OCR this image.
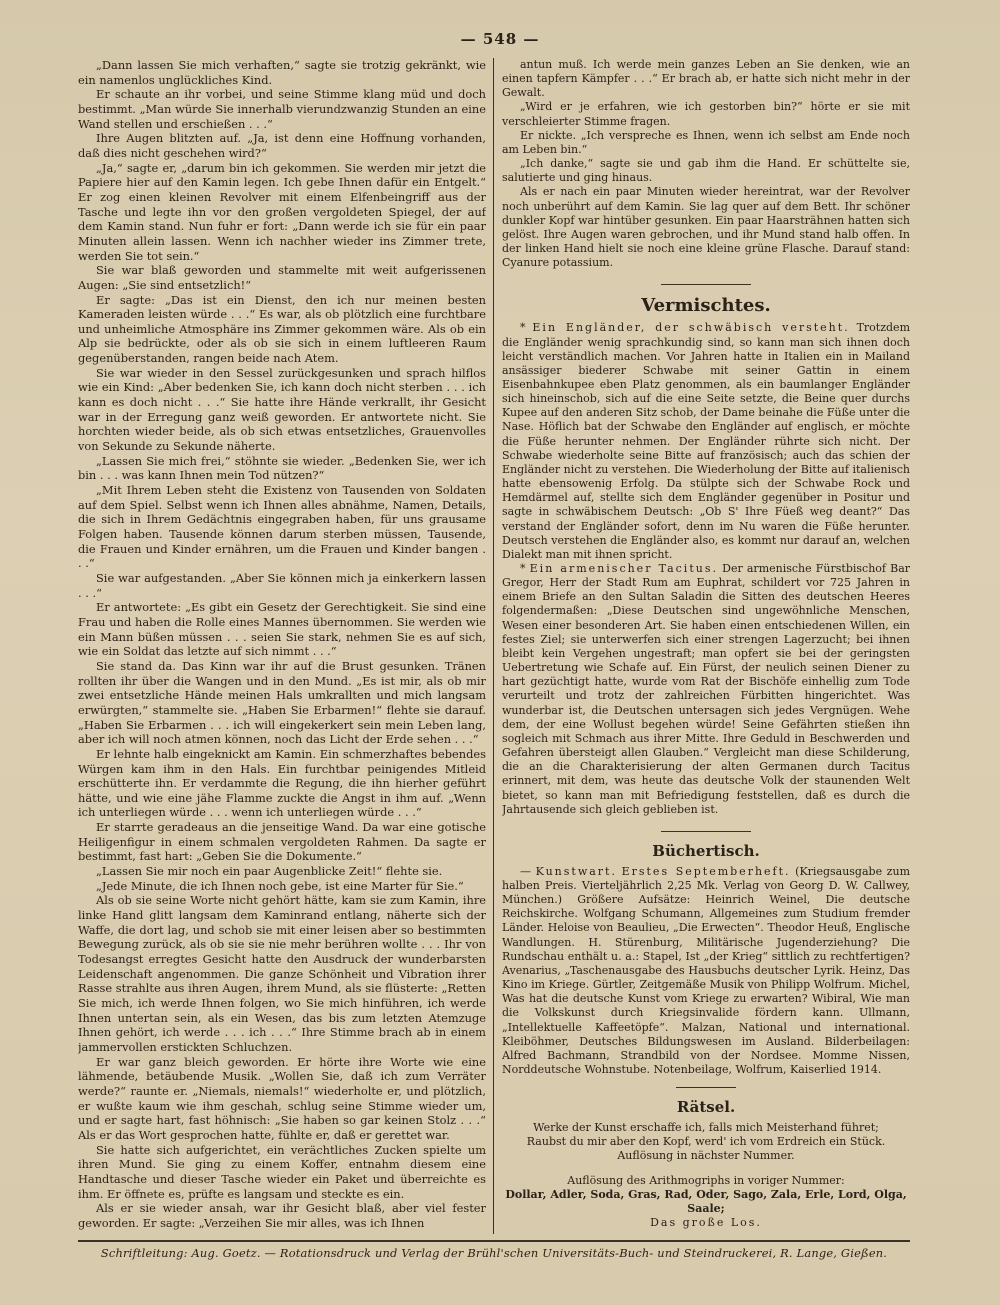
— 548 —

„Dann lassen Sie mich verhaften,“ sagte sie trotzig gekränkt, wie ein namenlos unglückliches Kind.

Er schaute an ihr vorbei, und seine Stimme klang müd und doch bestimmt. „Man würde Sie innerhalb vierundzwanzig Stunden an eine Wand stellen und erschießen . . .“

Ihre Augen blitzten auf. „Ja, ist denn eine Hoffnung vorhanden, daß dies nicht geschehen wird?“

„Ja,“ sagte er, „darum bin ich gekommen. Sie werden mir jetzt die Papiere hier auf den Kamin legen. Ich gebe Ihnen dafür ein Entgelt.“ Er zog einen kleinen Revolver mit einem Elfenbeingriff aus der Tasche und legte ihn vor den großen vergoldeten Spiegel, der auf dem Kamin stand. Nun fuhr er fort: „Dann werde ich sie für ein paar Minuten allein lassen. Wenn ich nachher wieder ins Zimmer trete, werden Sie tot sein.“

Sie war blaß geworden und stammelte mit weit aufgerissenen Augen: „Sie sind entsetzlich!“

Er sagte: „Das ist ein Dienst, den ich nur meinen besten Kameraden leisten würde . . .“ Es war, als ob plötzlich eine furchtbare und unheimliche Atmosphäre ins Zimmer gekommen wäre. Als ob ein Alp sie bedrückte, oder als ob sie sich in einem luftleeren Raum gegenüberstanden, rangen beide nach Atem.

Sie war wieder in den Sessel zurückgesunken und sprach hilflos wie ein Kind: „Aber bedenken Sie, ich kann doch nicht sterben . . . ich kann es doch nicht . . .“ Sie hatte ihre Hände verkrallt, ihr Gesicht war in der Erregung ganz weiß geworden. Er antwortete nicht. Sie horchten wieder beide, als ob sich etwas entsetzliches, Grauenvolles von Sekunde zu Sekunde näherte.

„Lassen Sie mich frei,“ stöhnte sie wieder. „Bedenken Sie, wer ich bin . . . was kann Ihnen mein Tod nützen?“

„Mit Ihrem Leben steht die Existenz von Tausenden von Soldaten auf dem Spiel. Selbst wenn ich Ihnen alles abnähme, Namen, Details, die sich in Ihrem Gedächtnis eingegraben haben, für uns grausame Folgen haben. Tausende können darum sterben müssen, Tausende, die Frauen und Kinder ernähren, um die Frauen und Kinder bangen . . .“

Sie war aufgestanden. „Aber Sie können mich ja einkerkern lassen . . .“

Er antwortete: „Es gibt ein Gesetz der Gerechtigkeit. Sie sind eine Frau und haben die Rolle eines Mannes übernommen. Sie werden wie ein Mann büßen müssen . . . seien Sie stark, nehmen Sie es auf sich, wie ein Soldat das letzte auf sich nimmt . . .“

Sie stand da. Das Kinn war ihr auf die Brust gesunken. Tränen rollten ihr über die Wangen und in den Mund. „Es ist mir, als ob mir zwei entsetzliche Hände meinen Hals umkrallten und mich langsam erwürgten,“ stammelte sie. „Haben Sie Erbarmen!“ flehte sie darauf. „Haben Sie Erbarmen . . . ich will eingekerkert sein mein Leben lang, aber ich will noch atmen können, noch das Licht der Erde sehen . . .“

Er lehnte halb eingeknickt am Kamin. Ein schmerzhaftes bebendes Würgen kam ihm in den Hals. Ein furchtbar peinigendes Mitleid erschütterte ihn. Er verdammte die Regung, die ihn hierher geführt hätte, und wie eine jähe Flamme zuckte die Angst in ihm auf. „Wenn ich unterliegen würde . . . wenn ich unterliegen würde . . .“

Er starrte geradeaus an die jenseitige Wand. Da war eine gotische Heiligenfigur in einem schmalen vergoldeten Rahmen. Da sagte er bestimmt, fast hart: „Geben Sie die Dokumente.“

„Lassen Sie mir noch ein paar Augenblicke Zeit!“ flehte sie.

„Jede Minute, die ich Ihnen noch gebe, ist eine Marter für Sie.“

Als ob sie seine Worte nicht gehört hätte, kam sie zum Kamin, ihre linke Hand glitt langsam dem Kaminrand entlang, näherte sich der Waffe, die dort lag, und schob sie mit einer leisen aber so bestimmten Bewegung zurück, als ob sie sie nie mehr berühren wollte . . . Ihr von Todesangst erregtes Gesicht hatte den Ausdruck der wunderbarsten Leidenschaft angenommen. Die ganze Schönheit und Vibration ihrer Rasse strahlte aus ihren Augen, ihrem Mund, als sie flüsterte: „Retten Sie mich, ich werde Ihnen folgen, wo Sie mich hinführen, ich werde Ihnen untertan sein, als ein Wesen, das bis zum letzten Atemzuge Ihnen gehört, ich werde . . . ich . . .“ Ihre Stimme brach ab in einem jammervollen erstickten Schluchzen.

Er war ganz bleich geworden. Er hörte ihre Worte wie eine lähmende, betäubende Musik. „Wollen Sie, daß ich zum Verräter werde?“ raunte er. „Niemals, niemals!“ wiederholte er, und plötzlich, er wußte kaum wie ihm geschah, schlug seine Stimme wieder um, und er sagte hart, fast höhnisch: „Sie haben so gar keinen Stolz . . .“ Als er das Wort gesprochen hatte, fühlte er, daß er gerettet war.

Sie hatte sich aufgerichtet, ein verächtliches Zucken spielte um ihren Mund. Sie ging zu einem Koffer, entnahm diesem eine Handtasche und dieser Tasche wieder ein Paket und überreichte es ihm. Er öffnete es, prüfte es langsam und steckte es ein.

Als er sie wieder ansah, war ihr Gesicht blaß, aber viel fester geworden. Er sagte: „Verzeihen Sie mir alles, was ich Ihnen

antun muß. Ich werde mein ganzes Leben an Sie denken, wie an einen tapfern Kämpfer . . .“ Er brach ab, er hatte sich nicht mehr in der Gewalt.

„Wird er je erfahren, wie ich gestorben bin?“ hörte er sie mit verschleierter Stimme fragen.

Er nickte. „Ich verspreche es Ihnen, wenn ich selbst am Ende noch am Leben bin.“

„Ich danke,“ sagte sie und gab ihm die Hand. Er schüttelte sie, salutierte und ging hinaus.

Als er nach ein paar Minuten wieder hereintrat, war der Revolver noch unberührt auf dem Kamin. Sie lag quer auf dem Bett. Ihr schöner dunkler Kopf war hintüber gesunken. Ein paar Haarsträhnen hatten sich gelöst. Ihre Augen waren gebrochen, und ihr Mund stand halb offen. In der linken Hand hielt sie noch eine kleine grüne Flasche. Darauf stand: Cyanure potassium.

Vermischtes.

* Ein Engländer, der schwäbisch versteht. Trotzdem die Engländer wenig sprachkundig sind, so kann man sich ihnen doch leicht verständlich machen. Vor Jahren hatte in Italien ein in Mailand ansässiger biederer Schwabe mit seiner Gattin in einem Eisenbahnkupee eben Platz genommen, als ein baumlanger Engländer sich hineinschob, sich auf die eine Seite setzte, die Beine quer durchs Kupee auf den anderen Sitz schob, der Dame beinahe die Füße unter die Nase. Höflich bat der Schwabe den Engländer auf englisch, er möchte die Füße herunter nehmen. Der Engländer rührte sich nicht. Der Schwabe wiederholte seine Bitte auf französisch; auch das schien der Engländer nicht zu verstehen. Die Wiederholung der Bitte auf italienisch hatte ebensowenig Erfolg. Da stülpte sich der Schwabe Rock und Hemdärmel auf, stellte sich dem Engländer gegenüber in Positur und sagte in schwäbischem Deutsch: „Ob S' Ihre Füeß weg deant?“ Das verstand der Engländer sofort, denn im Nu waren die Füße herunter. Deutsch verstehen die Engländer also, es kommt nur darauf an, welchen Dialekt man mit ihnen spricht.

* Ein armenischer Tacitus. Der armenische Fürstbischof Bar Gregor, Herr der Stadt Rum am Euphrat, schildert vor 725 Jahren in einem Briefe an den Sultan Saladin die Sitten des deutschen Heeres folgendermaßen: „Diese Deutschen sind ungewöhnliche Menschen, Wesen einer besonderen Art. Sie haben einen entschiedenen Willen, ein festes Ziel; sie unterwerfen sich einer strengen Lagerzucht; bei ihnen bleibt kein Vergehen ungestraft; man opfert sie bei der geringsten Uebertretung wie Schafe auf. Ein Fürst, der neulich seinen Diener zu hart gezüchtigt hatte, wurde vom Rat der Bischöfe einhellig zum Tode verurteilt und trotz der zahlreichen Fürbitten hingerichtet. Was wunderbar ist, die Deutschen untersagen sich jedes Vergnügen. Wehe dem, der eine Wollust begehen würde! Seine Gefährten stießen ihn sogleich mit Schmach aus ihrer Mitte. Ihre Geduld in Beschwerden und Gefahren übersteigt allen Glauben.“ Vergleicht man diese Schilderung, die an die Charakterisierung der alten Germanen durch Tacitus erinnert, mit dem, was heute das deutsche Volk der staunenden Welt bietet, so kann man mit Befriedigung feststellen, daß es durch die Jahrtausende sich gleich geblieben ist.

Büchertisch.

— Kunstwart. Erstes Septemberheft. (Kriegsausgabe zum halben Preis. Vierteljährlich 2,25 Mk. Verlag von Georg D. W. Callwey, München.) Größere Aufsätze: Heinrich Weinel, Die deutsche Reichskirche. Wolfgang Schumann, Allgemeines zum Studium fremder Länder. Heloise von Beaulieu, „Die Erwecten“. Theodor Heuß, Englische Wandlungen. H. Stürenburg, Militärische Jugenderziehung? Die Rundschau enthält u. a.: Stapel, Ist „der Krieg“ sittlich zu rechtfertigen? Avenarius, „Taschenausgabe des Hausbuchs deutscher Lyrik. Heinz, Das Kino im Kriege. Gürtler, Zeitgemäße Musik von Philipp Wolfrum. Michel, Was hat die deutsche Kunst vom Kriege zu erwarten? Wibiral, Wie man die Volkskunst durch Kriegsinvalide fördern kann. Ullmann, „Intellektuelle Kaffeetöpfe“. Malzan, National und international. Kleiböhmer, Deutsches Bildungswesen im Ausland. Bilderbeilagen: Alfred Bachmann, Strandbild von der Nordsee. Momme Nissen, Norddeutsche Wohnstube. Notenbeilage, Wolfrum, Kaiserlied 1914.

Rätsel.

Werke der Kunst erschaffe ich, falls mich Meisterhand führet;

Raubst du mir aber den Kopf, werd' ich vom Erdreich ein Stück.

Auflösung in nächster Nummer.

Auflösung des Arithmogriphs in voriger Nummer:

Dollar, Adler, Soda, Gras, Rad, Oder, Sago, Zala, Erle, Lord, Olga, Saale;

Das große Los.

Schriftleitung: Aug. Goetz. — Rotationsdruck und Verlag der Brühl'schen Universitäts-Buch- und Steindruckerei, R. Lange, Gießen.
